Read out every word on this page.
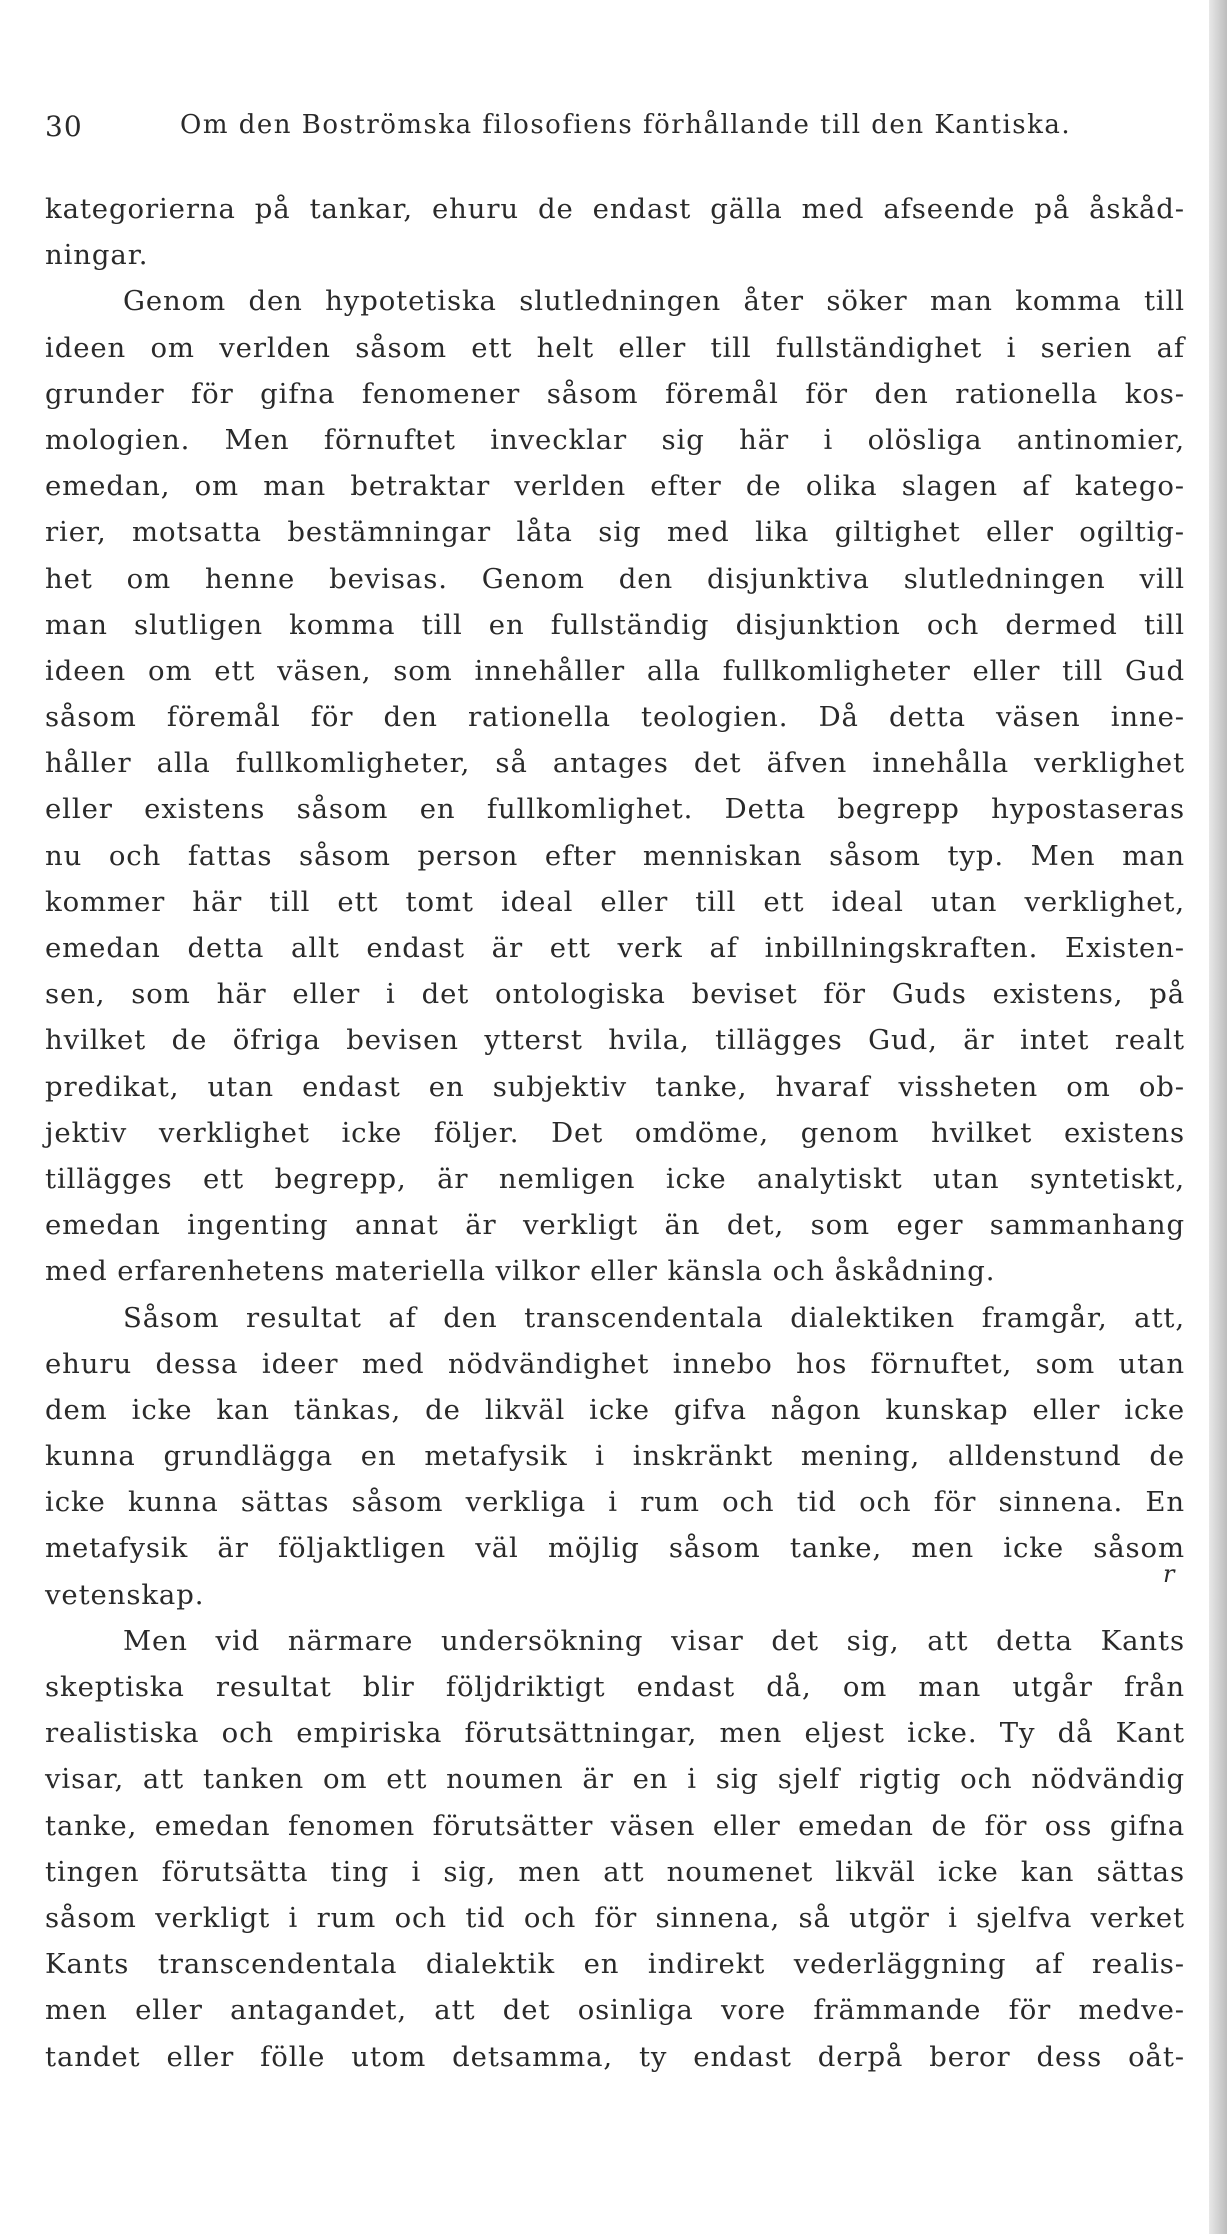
30	Om den Boströmska filosofiens förhållande till den Kantiska.
kategorierna på tankar, ehuru de endast gälla med afseende på åskåd-
ningar.
Genom den hypotetiska slutledningen åter söker man komma till
ideen om verlden såsom ett helt eller till fullständighet i serien af
grunder för gifna fenomener såsom föremål för den rationella kos-
mologien. Men förnuftet inveckl​ar sig här i olösliga antinomier,
emedan, om man betraktar verlden efter de olika slagen af katego-
rier, motsatta bestämningar låta sig med lika giltighet eller ogiltig-
het om henne bevisas. Genom den disjunktiva slutledningen vill
man slutligen komma till en fullständig disjunktion och dermed till
ideen om ett väsen, som innehåller alla fullkomligheter eller till Gud
såsom föremål för den rationella teologien. Då detta väsen inne-
håller alla fullkomligheter, så antages det äfven innehålla verklighet
eller existens såsom en fullkomlighet. Detta begrepp hypostaseras
nu och fattas såsom person efter menniskan såsom typ. Men man
kommer här till ett tomt ideal eller till ett ideal utan verklighet,
emedan detta allt endast är ett verk af inbillningskraften. Existen-
sen, som här eller i det ontologiska beviset för Guds existens, på
hvilket de öfriga bevisen ytterst hvila, tillägges Gud, är intet realt
predikat, utan endast en subjektiv tanke, hvaraf vissheten om ob-
jektiv verklighet icke följer. Det omdöme, genom hvilket existens
tillägges ett begrepp, är nemligen icke analytiskt utan syntetiskt,
emedan ingenting annat är verkligt än det, som eger sammanhang
med erfarenhetens materiella vilkor eller känsla och åskådning.
Såsom resultat af den transcendentala dialektiken framgår, att,
ehuru dessa ideer med nödvändighet innebo hos förnuftet, som utan
dem icke kan tänkas, de likväl icke gifva någon kunskap eller icke
kunna grundlägga en metafysik i inskränkt mening, alldenstund de
icke kunna sättas såsom verkliga i rum och tid och för sinnena. En
metafysik är följaktligen väl möjlig såsom tanke, men icke såsom
vetenskap.
Men vid närmare undersökning visar det sig, att detta Kants
skeptiska resultat blir följdriktigt endast då, om man utgår från
realistiska och empiriska förutsättningar, men eljest icke. Ty då Kant
visar, att tanken om ett noumen är en i sig sjelf rigtig och nödvändig
tanke, emedan fenomen förutsätter väsen eller emedan de för oss gifna
tingen förutsätta ting i sig, men att noumenet likväl icke kan sättas
såsom verkligt i rum och tid och för sinnena, så utgör i sjelfva verket
Kants transcendentala dialektik en indirekt vederläggning af realis-
men eller antagandet, att det osinliga vore främmande för medve-
tandet eller fölle utom detsamma, ty endast derpå beror dess oåt-
r
